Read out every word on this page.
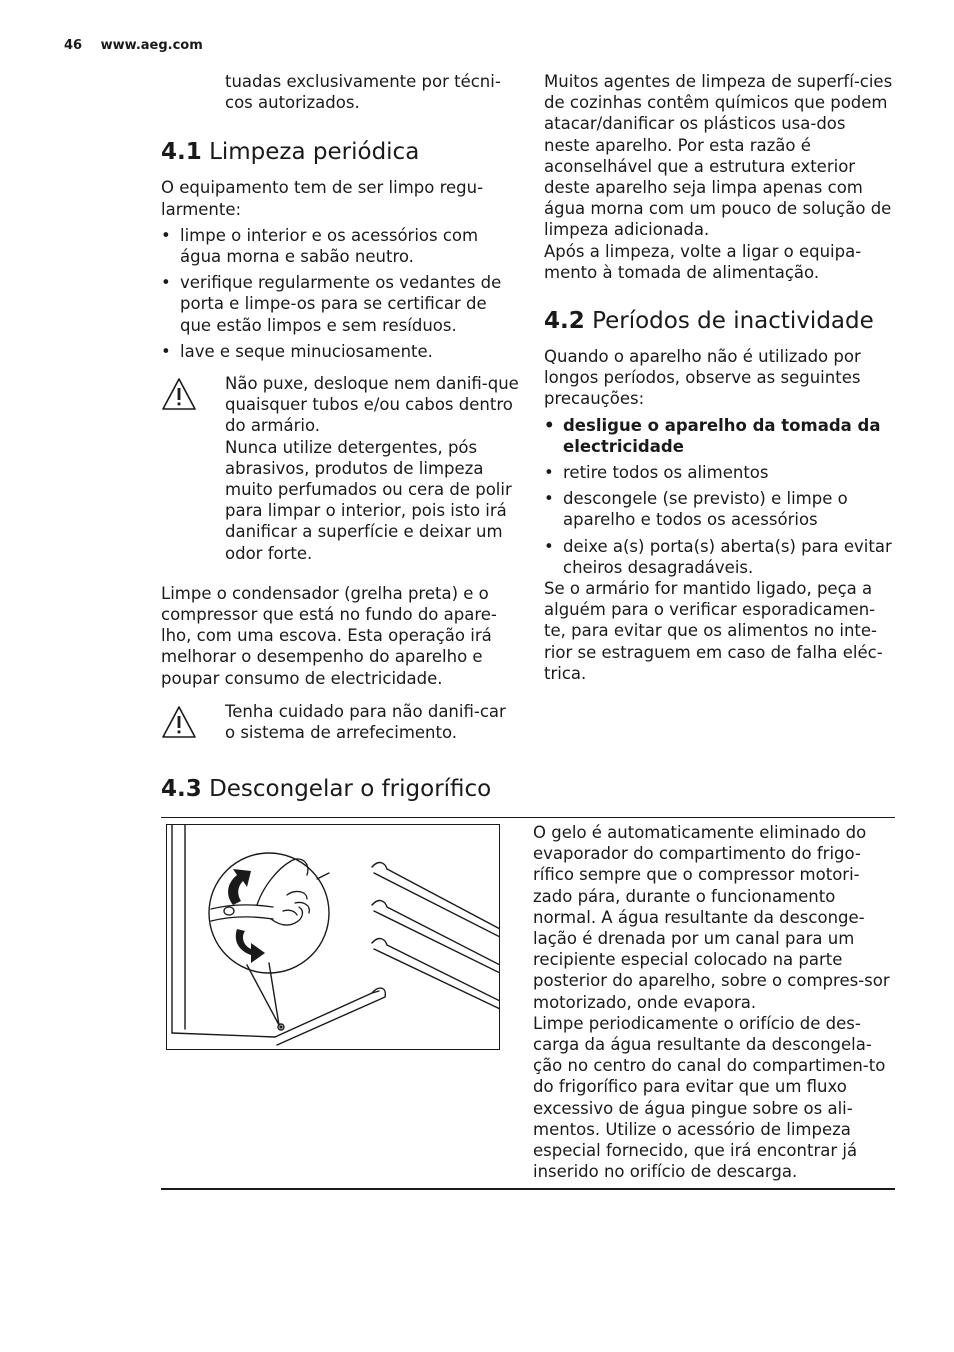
46 www.aeg.com

tuadas exclusivamente por técni-cos autorizados.

4.1 Limpeza periódica

O equipamento tem de ser limpo regu-larmente:

• limpe o interior e os acessórios com água morna e sabão neutro.
• verifique regularmente os vedantes de porta e limpe-os para se certificar de que estão limpos e sem resíduos.
• lave e seque minuciosamente.

Não puxe, desloque nem danifi-que quaisquer tubos e/ou cabos dentro do armário.

Nunca utilize detergentes, pós abrasivos, produtos de limpeza muito perfumados ou cera de polir para limpar o interior, pois isto irá danificar a superfície e deixar um odor forte.

Limpe o condensador (grelha preta) e o compressor que está no fundo do apare-lho, com uma escova. Esta operação irá melhorar o desempenho do aparelho e poupar consumo de electricidade.

Tenha cuidado para não danifi-car o sistema de arrefecimento.

Muitos agentes de limpeza de superfí-cies de cozinhas contêm químicos que podem atacar/danificar os plásticos usa-dos neste aparelho. Por esta razão é aconselhável que a estrutura exterior deste aparelho seja limpa apenas com água morna com um pouco de solução de limpeza adicionada.

Após a limpeza, volte a ligar o equipa-mento à tomada de alimentação.

4.2 Períodos de inactividade

Quando o aparelho não é utilizado por longos períodos, observe as seguintes precauções:

• desligue o aparelho da tomada da electricidade
• retire todos os alimentos
• descongele (se previsto) e limpe o aparelho e todos os acessórios
• deixe a(s) porta(s) aberta(s) para evitar cheiros desagradáveis.

Se o armário for mantido ligado, peça a alguém para o verificar esporadicamen-te, para evitar que os alimentos no inte-rior se estraguem em caso de falha eléc-trica.

4.3 Descongelar o frigorífico

O gelo é automaticamente eliminado do evaporador do compartimento do frigo-rífico sempre que o compressor motori-zado pára, durante o funcionamento normal. A água resultante da desconge-lação é drenada por um canal para um recipiente especial colocado na parte posterior do aparelho, sobre o compres-sor motorizado, onde evapora.

Limpe periodicamente o orifício de des-carga da água resultante da descongela-ção no centro do canal do compartimen-to do frigorífico para evitar que um fluxo excessivo de água pingue sobre os ali-mentos. Utilize o acessório de limpeza especial fornecido, que irá encontrar já inserido no orifício de descarga.
